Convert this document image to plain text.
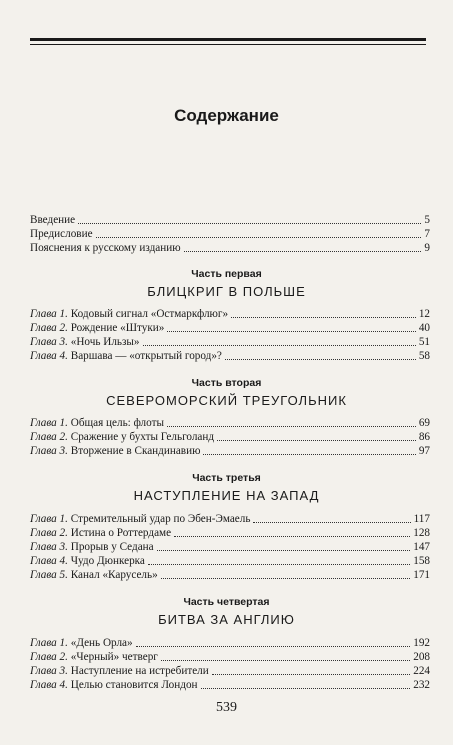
Содержание
Введение	5
Предисловие	7
Пояснения к русскому изданию	9
Часть первая
БЛИЦКРИГ В ПОЛЬШЕ
Глава 1. Кодовый сигнал «Остмаркфлюг»	12
Глава 2. Рождение «Штуки»	40
Глава 3. «Ночь Ильзы»	51
Глава 4. Варшава — «открытый город»?	58
Часть вторая
СЕВЕРОМОРСКИЙ ТРЕУГОЛЬНИК
Глава 1. Общая цель: флоты	69
Глава 2. Сражение у бухты Гельголанд	86
Глава 3. Вторжение в Скандинавию	97
Часть третья
НАСТУПЛЕНИЕ НА ЗАПАД
Глава 1. Стремительный удар по Эбен-Эмаель	117
Глава 2. Истина о Роттердаме	128
Глава 3. Прорыв у Седана	147
Глава 4. Чудо Дюнкерка	158
Глава 5. Канал «Карусель»	171
Часть четвертая
БИТВА ЗА АНГЛИЮ
Глава 1. «День Орла»	192
Глава 2. «Черный» четверг	208
Глава 3. Наступление на истребители	224
Глава 4. Целью становится Лондон	232
539
